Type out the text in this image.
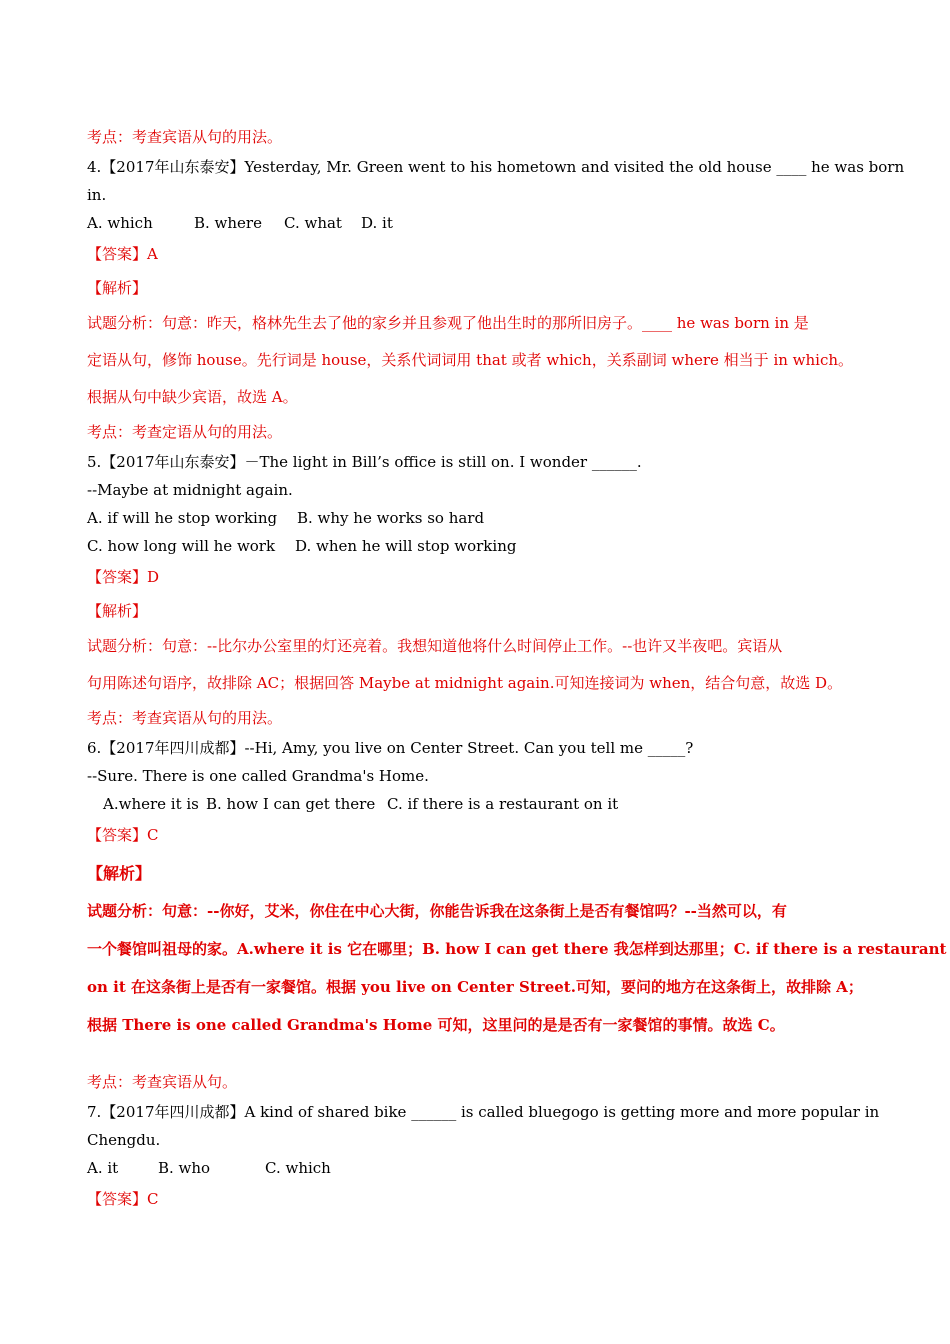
考点：考查宾语从句的用法。
4.【2017年山东泰安】Yesterday, Mr. Green went to his hometown and visited the old house ____ he was born
in.
A. which	B. where	C. what	D. it
【答案】A
【解析】
试题分析：句意：昨天，格林先生去了他的家乡并且参观了他出生时的那所旧房子。____ he was born in 是
定语从句，修饰 house。先行词是 house，关系代词词用 that 或者 which，关系副词 where 相当于 in which。
根据从句中缺少宾语，故选 A。
考点：考查定语从句的用法。
5.【2017年山东泰安】－The light in Bill’s office is still on. I wonder ______.
--Maybe at midnight again.
A. if will he stop working	B. why he works so hard
C. how long will he work	D. when he will stop working
【答案】D
【解析】
试题分析：句意：--比尔办公室里的灯还亮着。我想知道他将什么时间停止工作。--也许又半夜吧。宾语从
句用陈述句语序，故排除 AC；根据回答 Maybe at midnight again.可知连接词为 when，结合句意，故选 D。
考点：考查宾语从句的用法。
6.【2017年四川成都】--Hi, Amy, you live on Center Street. Can you tell me _____?
--Sure. There is one called Grandma's Home.
A.where it is B. how I can get there C. if there is a restaurant on it
【答案】C
【解析】
试题分析：句意：--你好，艾米，你住在中心大街，你能告诉我在这条街上是否有餐馆吗？--当然可以，有
一个餐馆叫祖母的家。A.where it is 它在哪里；B. how I can get there 我怎样到达那里；C. if there is a restaurant
on it 在这条街上是否有一家餐馆。根据 you live on Center Street.可知，要问的地方在这条街上，故排除 A；
根据 There is one called Grandma's Home 可知，这里问的是是否有一家餐馆的事情。故选 C。
考点：考查宾语从句。
7.【2017年四川成都】A kind of shared bike ______ is called bluegogo is getting more and more popular in
Chengdu.
A. it	B. who	C. which
【答案】C
